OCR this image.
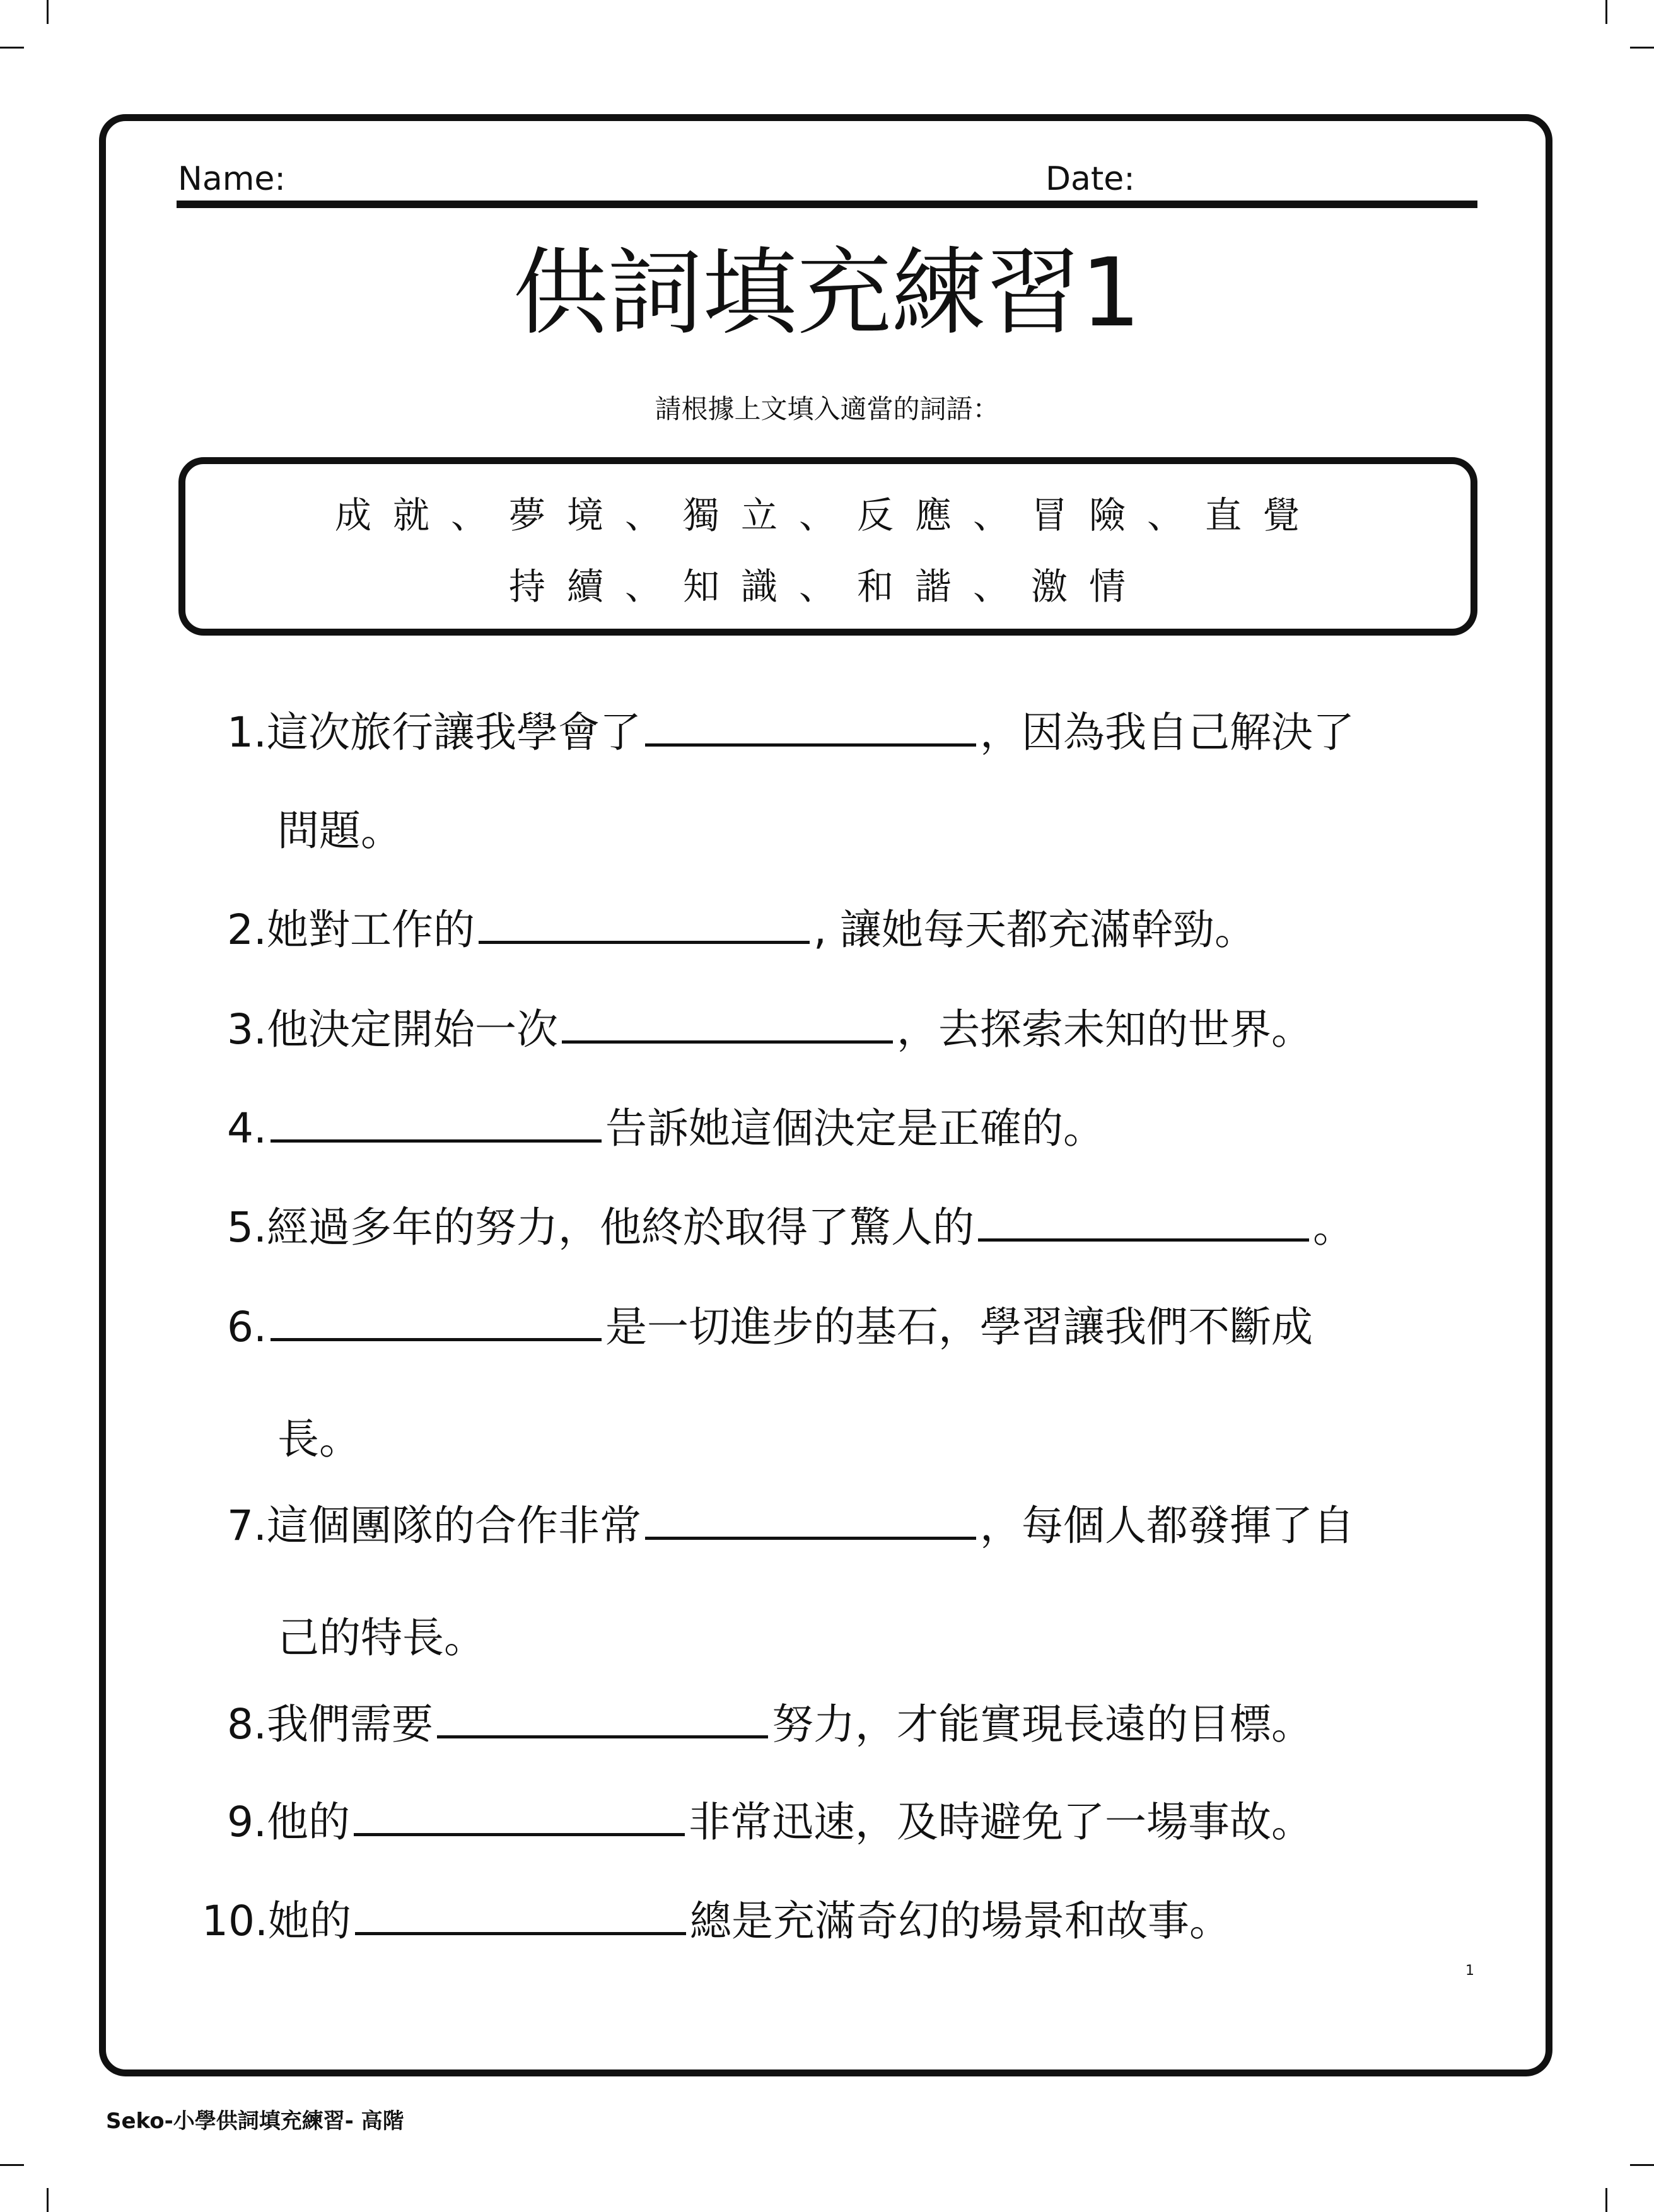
Name:	Date:
供詞填充練習1
請根據上文填入適當的詞語：
成就、夢境、獨立、反應、冒險、直覺
持續、知識、和諧、激情
1.這次旅行讓我學會了	，因為我自己解決了
問題。
2.她對工作的	, 讓她每天都充滿幹勁。
3.他決定開始一次	，去探索未知的世界。
4.	告訴她這個決定是正確的。
5.經過多年的努力，他終於取得了驚人的	。
6.	是一切進步的基石，學習讓我們不斷成
長。
7.這個團隊的合作非常	，每個人都發揮了自
己的特長。
8.我們需要	努力，才能實現長遠的目標。
9.他的	非常迅速，及時避免了一場事故。
10.她的	總是充滿奇幻的場景和故事。
1
Seko-小學供詞填充練習- 高階
